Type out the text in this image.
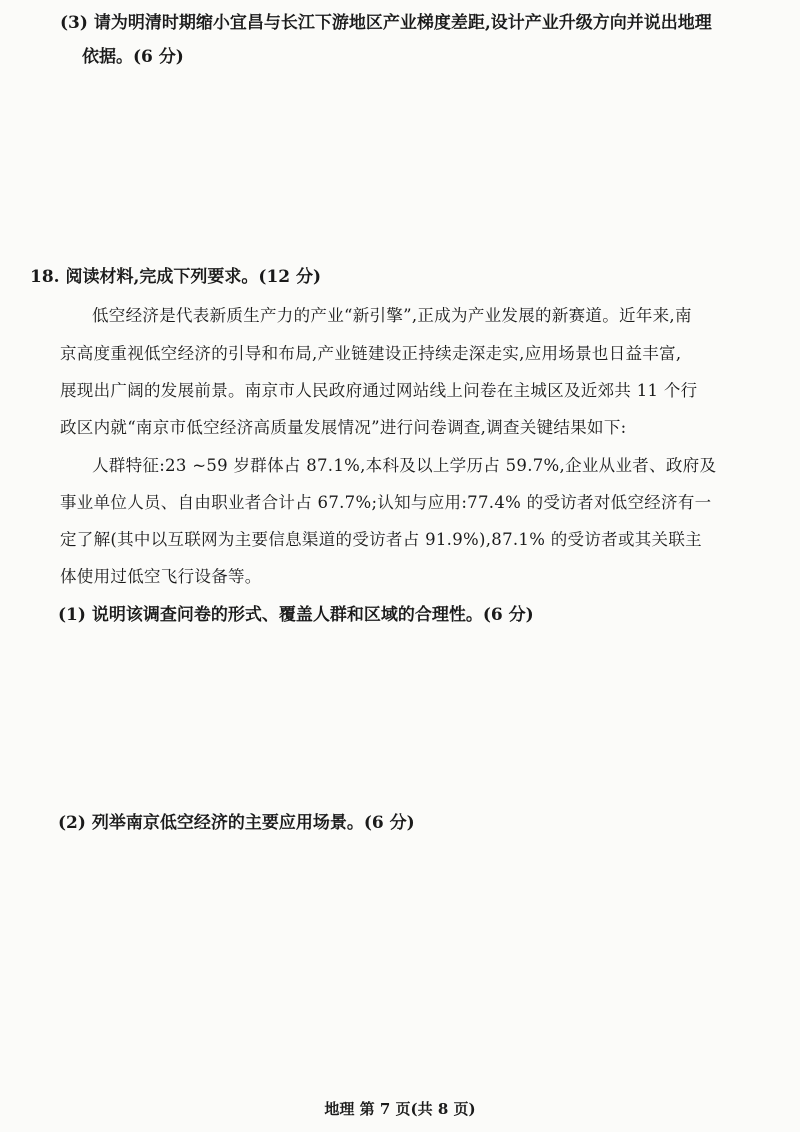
(3) 请为明清时期缩小宜昌与长江下游地区产业梯度差距,设计产业升级方向并说出地理
依据。(6 分)
18. 阅读材料,完成下列要求。(12 分)
低空经济是代表新质生产力的产业“新引擎”,正成为产业发展的新赛道。近年来,南
京高度重视低空经济的引导和布局,产业链建设正持续走深走实,应用场景也日益丰富,
展现出广阔的发展前景。南京市人民政府通过网站线上问卷在主城区及近郊共 11 个行
政区内就“南京市低空经济高质量发展情况”进行问卷调查,调查关键结果如下:
人群特征:23 ~59 岁群体占 87.1%,本科及以上学历占 59.7%,企业从业者、政府及
事业单位人员、自由职业者合计占 67.7%;认知与应用:77.4% 的受访者对低空经济有一
定了解(其中以互联网为主要信息渠道的受访者占 91.9%),87.1% 的受访者或其关联主
体使用过低空飞行设备等。
(1) 说明该调查问卷的形式、覆盖人群和区域的合理性。(6 分)
(2) 列举南京低空经济的主要应用场景。(6 分)
地理 第 7 页(共 8 页)
